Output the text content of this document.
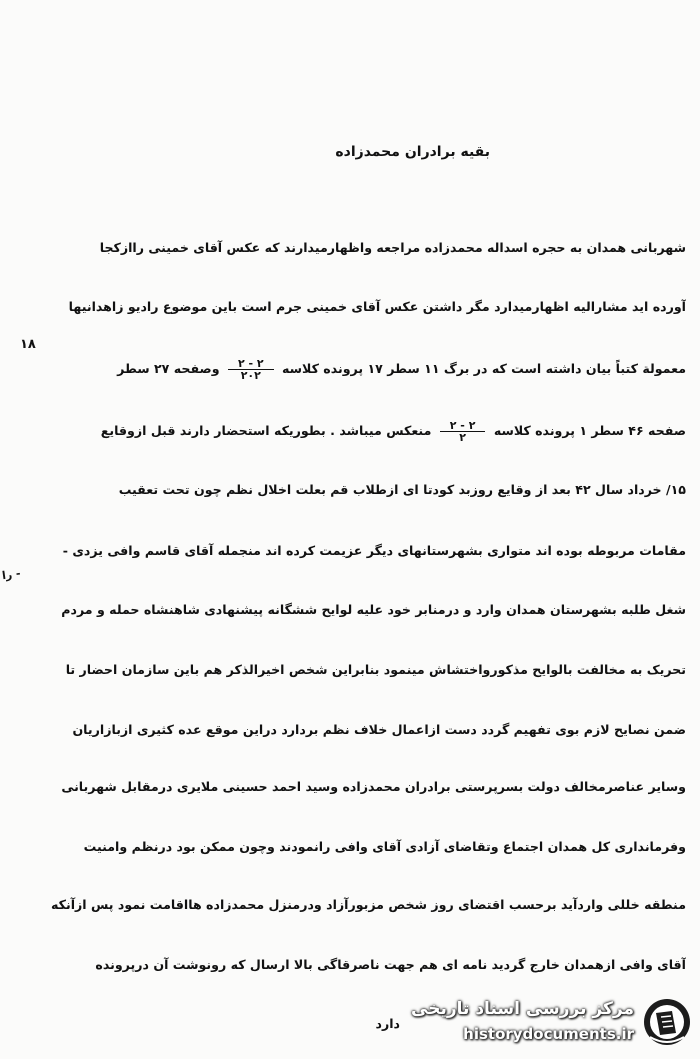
بقیه برادران محمدزاده
۱۸
شهربانی همدان به حجره اسداله محمدزاده مراجعه واظهارمیدارند که عکس آقای خمینی راازکجا
آورده اید مشارالیه اظهارمیدارد مگر داشتن عکس آقای خمینی جرم است باین موضوع رادیو زاهدانیها
معمولة کتباً بیان داشته است که در برگ ۱۱ سطر ۱۷ پرونده کلاسه
$\frac{۲ - ۲}{۲۰۲}$
وصفحه ۲۷ سطر
صفحه ۴۶ سطر ۱ پرونده کلاسه
$\frac{۲ - ۲}{۲}$
منعکس میباشد . بطوریکه استحضار دارند قبل ازوقایع
۱۵/ خرداد سال ۴۲ بعد از وقایع روزبد کودتا ای ازطلاب قم بعلت اخلال نظم چون تحت تعقیب
مقامات مربوطه بوده اند متواری بشهرستانهای دیگر عزیمت کرده اند منجمله آقای قاسم وافی یزدی -
را -
شغل طلبه بشهرستان همدان وارد و درمنابر خود علیه لوایح ششگانه پیشنهادی شاهنشاه حمله و مردم
تحریک به مخالفت بالوایح مذکورواختشاش مینمود بنابراین شخص اخیرالذکر هم باین سازمان احضار تا
ضمن نصایح لازم بوی تفهیم گردد دست ازاعمال خلاف نظم بردارد دراین موقع عده کثیری ازبازاریان
وسایر عناصرمخالف دولت بسرپرستی برادران محمدزاده وسید احمد حسینی ملایری درمقابل شهربانی
وفرمانداری کل همدان اجتماع وتقاضای آزادی آقای وافی رانمودند وچون ممکن بود درنظم وامنیت
منطقه خللی واردآید برحسب اقتضای روز شخص مزبورآزاد ودرمنزل محمدزاده هااقامت نمود پس ازآنکه
آقای وافی ازهمدان خارج گردید نامه ای هم جهت ناصرقاگی بالا ارسال که رونوشت آن درپرونده
دارد
مرکز بررسی اسناد تاریخی
historydocuments.ir
